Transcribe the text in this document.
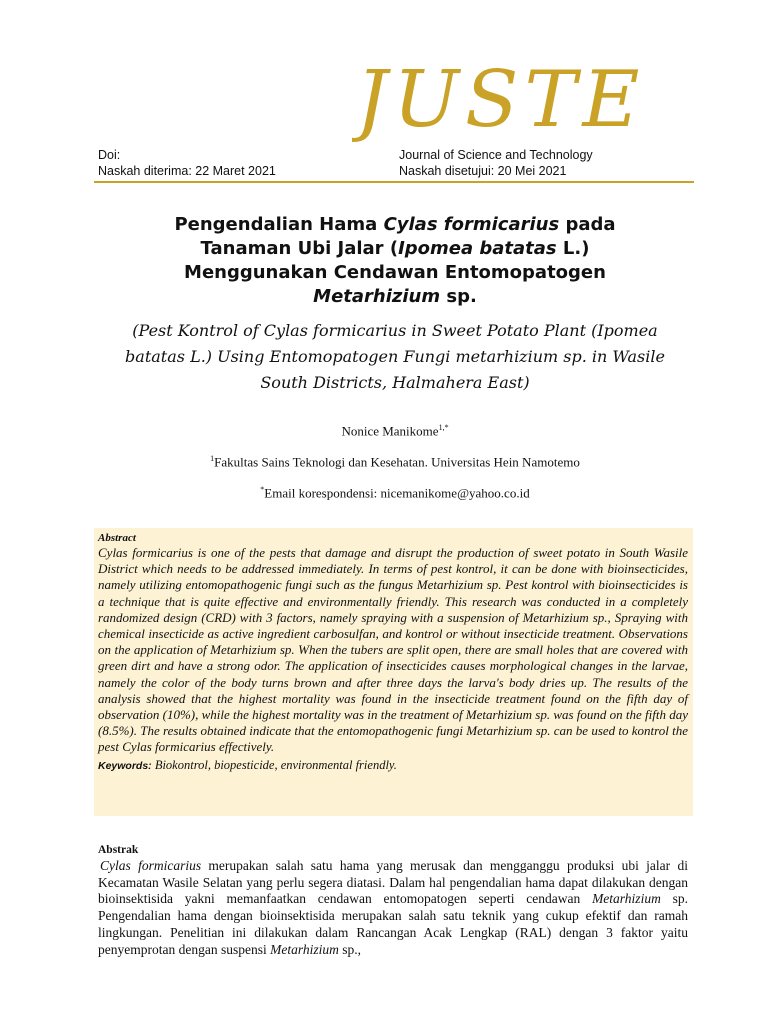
JUSTE
Doi:
Naskah diterima: 22 Maret 2021
Journal of Science and Technology
Naskah disetujui: 20 Mei 2021
Pengendalian Hama Cylas formicarius pada
Tanaman Ubi Jalar (Ipomea batatas L.)
Menggunakan Cendawan Entomopatogen
Metarhizium sp.
(Pest Kontrol of Cylas formicarius in Sweet Potato Plant (Ipomea
batatas L.) Using Entomopatogen Fungi metarhizium sp. in Wasile
South Districts, Halmahera East)
Nonice Manikome$^{1,*}$
$^1$Fakultas Sains Teknologi dan Kesehatan. Universitas Hein Namotemo
*Email korespondensi: nicemanikome@yahoo.co.id
Abstract
Cylas formicarius is one of the pests that damage and disrupt the production of sweet potato in South Wasile District which needs to be addressed immediately. In terms of pest kontrol, it can be done with bioinsecticides, namely utilizing entomopathogenic fungi such as the fungus Metarhizium sp. Pest kontrol with bioinsecticides is a technique that is quite effective and environmentally friendly. This research was conducted in a completely randomized design (CRD) with 3 factors, namely spraying with a suspension of Metarhizium sp., Spraying with chemical insecticide as active ingredient carbosulfan, and kontrol or without insecticide treatment. Observations on the application of Metarhizium sp. When the tubers are split open, there are small holes that are covered with green dirt and have a strong odor. The application of insecticides causes morphological changes in the larvae, namely the color of the body turns brown and after three days the larva's body dries up. The results of the analysis showed that the highest mortality was found in the insecticide treatment found on the fifth day of observation (10%), while the highest mortality was in the treatment of Metarhizium sp. was found on the fifth day (8.5%). The results obtained indicate that the entomopathogenic fungi Metarhizium sp. can be used to kontrol the pest Cylas formicarius effectively.
Keywords: Biokontrol, biopesticide, environmental friendly.
Abstrak

Cylas formicarius merupakan salah satu hama yang merusak dan mengganggu produksi ubi jalar di Kecamatan Wasile Selatan yang perlu segera diatasi. Dalam hal pengendalian hama dapat dilakukan dengan bioinsektisida yakni memanfaatkan cendawan entomopatogen seperti cendawan Metarhizium sp. Pengendalian hama dengan bioinsektisida merupakan salah satu teknik yang cukup efektif dan ramah lingkungan. Penelitian ini dilakukan dalam Rancangan Acak Lengkap (RAL) dengan 3 faktor yaitu penyemprotan dengan suspensi Metarhizium sp.,
